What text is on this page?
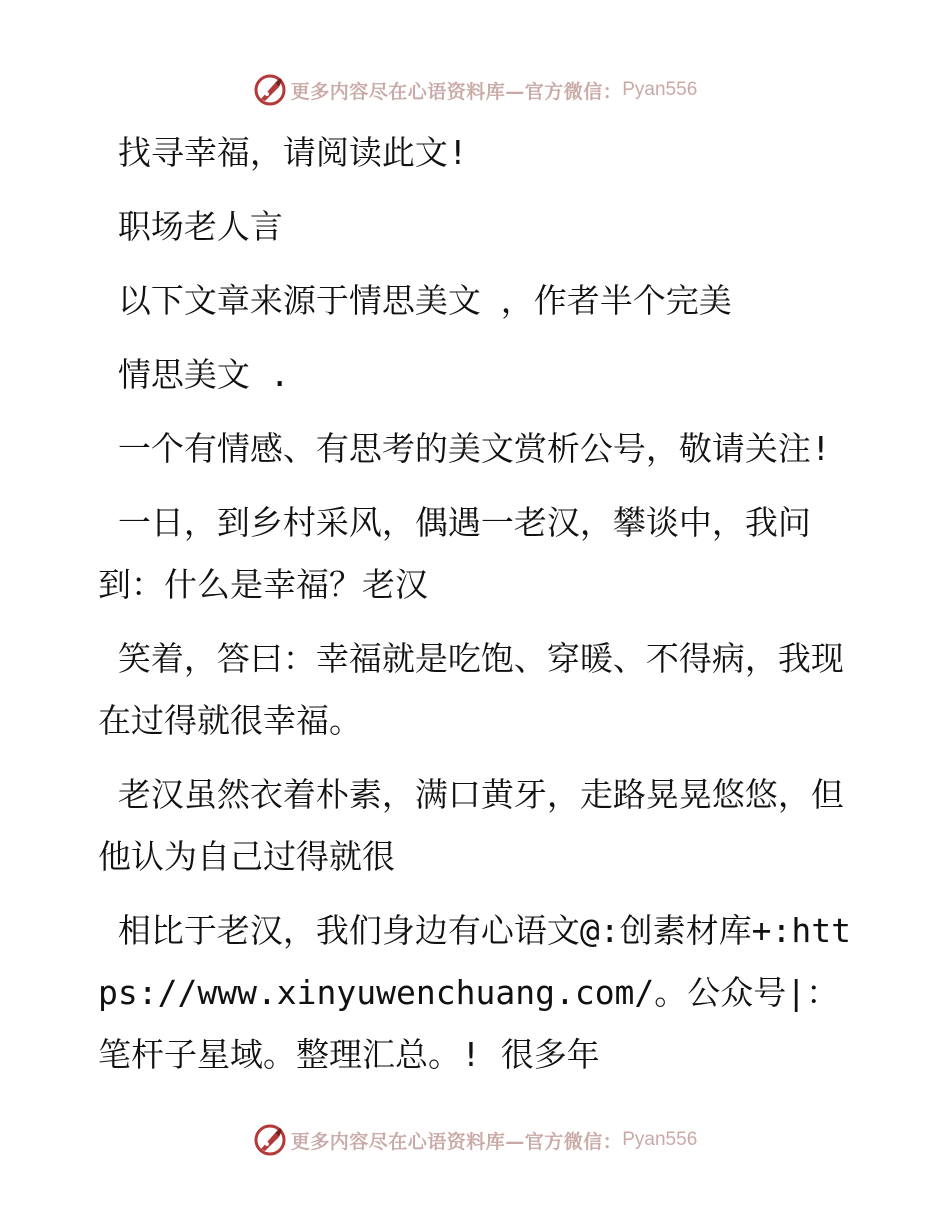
更多内容尽在心语资料库—官方微信： Pyan556

找寻幸福，请阅读此文!

职场老人言

以下文章来源于情思美文 ，作者半个完美

情思美文 .

一个有情感、有思考的美文赏析公号，敬请关注!

一日，到乡村采风，偶遇一老汉，攀谈中，我问到：什么是幸福？老汉

笑着，答曰：幸福就是吃饱、穿暖、不得病，我现在过得就很幸福。

老汉虽然衣着朴素，满口黄牙，走路晃晃悠悠，但他认为自己过得就很

相比于老汉，我们身边有心语文@:创素材库+:https://www.xinyuwenchuang.com/。公众号|：笔杆子星域。整理汇总。! 很多年

更多内容尽在心语资料库—官方微信： Pyan556
